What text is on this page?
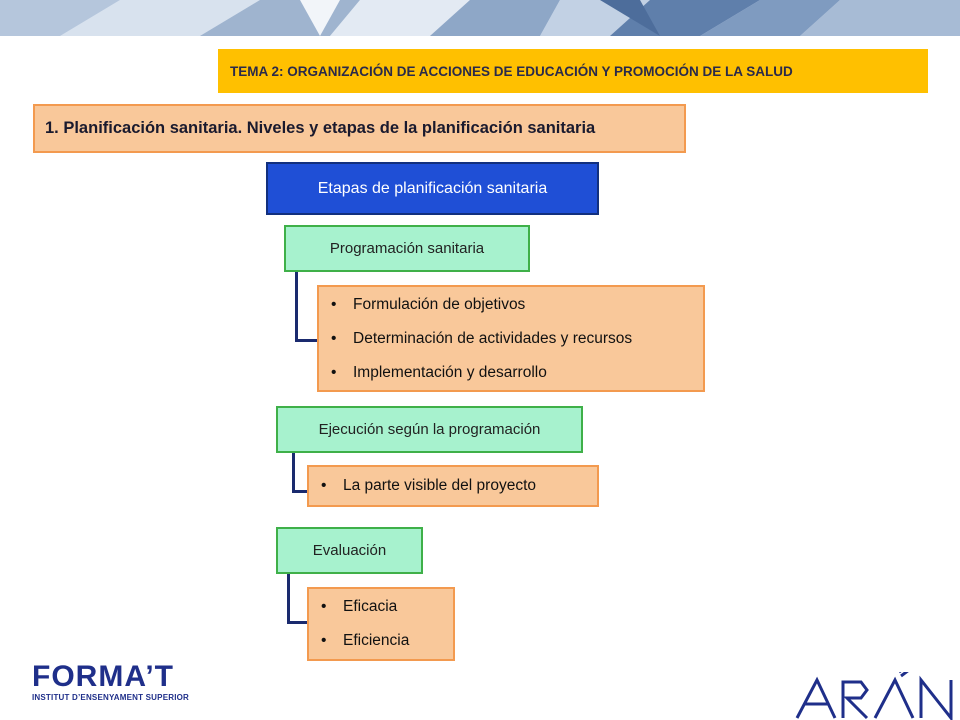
TEMA 2: ORGANIZACIÓN DE ACCIONES DE EDUCACIÓN Y PROMOCIÓN DE LA SALUD
1. Planificación sanitaria. Niveles y etapas de la planificación sanitaria
Etapas de planificación sanitaria
Programación sanitaria
• Formulación de objetivos
• Determinación de actividades y recursos
• Implementación y desarrollo
Ejecución según la programación
• La parte visible del proyecto
Evaluación
• Eficacia
• Eficiencia
FORMA’T
INSTITUT D’ENSENYAMENT SUPERIOR
